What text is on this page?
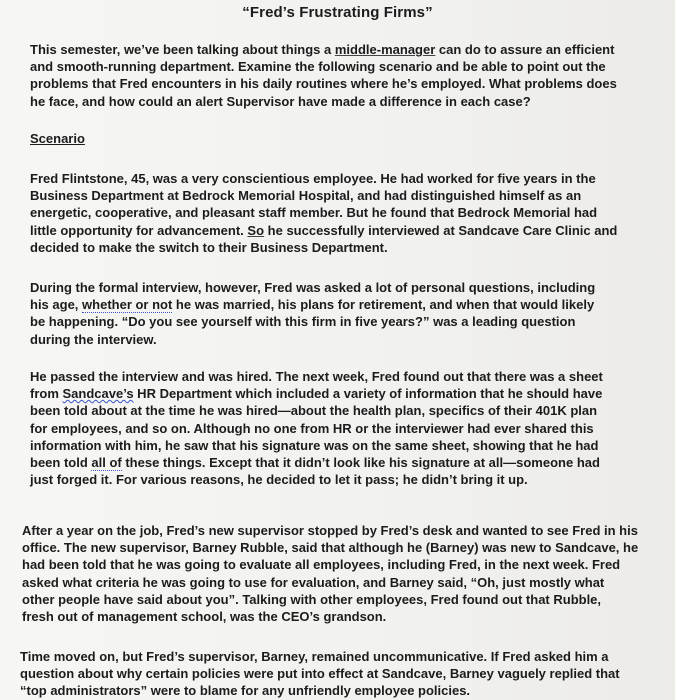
“Fred’s Frustrating Firms”

This semester, we’ve been talking about things a middle-manager can do to assure an efficient
and smooth-running department. Examine the following scenario and be able to point out the
problems that Fred encounters in his daily routines where he’s employed. What problems does
he face, and how could an alert Supervisor have made a difference in each case?

Scenario

Fred Flintstone, 45, was a very conscientious employee. He had worked for five years in the
Business Department at Bedrock Memorial Hospital, and had distinguished himself as an
energetic, cooperative, and pleasant staff member. But he found that Bedrock Memorial had
little opportunity for advancement. So he successfully interviewed at Sandcave Care Clinic and
decided to make the switch to their Business Department.

During the formal interview, however, Fred was asked a lot of personal questions, including
his age, whether or not he was married, his plans for retirement, and when that would likely
be happening. “Do you see yourself with this firm in five years?” was a leading question
during the interview.

He passed the interview and was hired. The next week, Fred found out that there was a sheet
from Sandcave’s HR Department which included a variety of information that he should have
been told about at the time he was hired—about the health plan, specifics of their 401K plan
for employees, and so on. Although no one from HR or the interviewer had ever shared this
information with him, he saw that his signature was on the same sheet, showing that he had
been told all of these things. Except that it didn’t look like his signature at all—someone had
just forged it. For various reasons, he decided to let it pass; he didn’t bring it up.

After a year on the job, Fred’s new supervisor stopped by Fred’s desk and wanted to see Fred in his
office. The new supervisor, Barney Rubble, said that although he (Barney) was new to Sandcave, he
had been told that he was going to evaluate all employees, including Fred, in the next week. Fred
asked what criteria he was going to use for evaluation, and Barney said, “Oh, just mostly what
other people have said about you”. Talking with other employees, Fred found out that Rubble,
fresh out of management school, was the CEO’s grandson.

Time moved on, but Fred’s supervisor, Barney, remained uncommunicative. If Fred asked him a
question about why certain policies were put into effect at Sandcave, Barney vaguely replied that
“top administrators” were to blame for any unfriendly employee policies.
